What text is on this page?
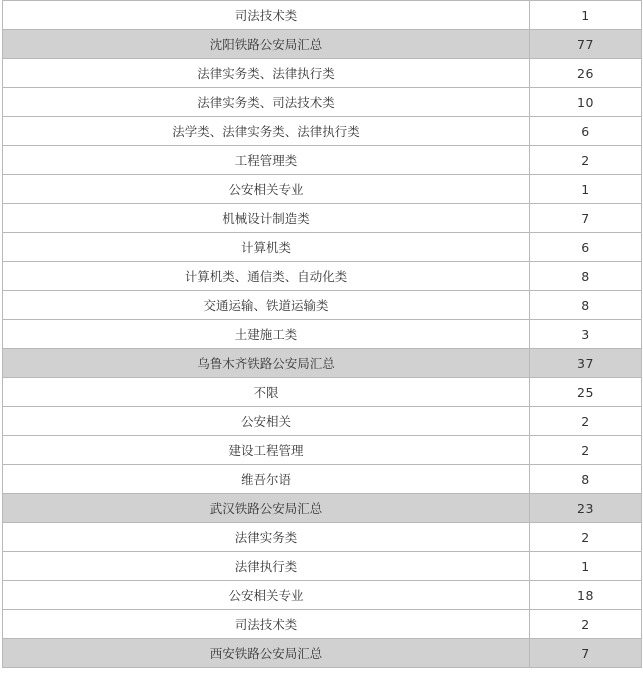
司法技术类	1
沈阳铁路公安局汇总	77
法律实务类、法律执行类	26
法律实务类、司法技术类	10
法学类、法律实务类、法律执行类	6
工程管理类	2
公安相关专业	1
机械设计制造类	7
计算机类	6
计算机类、通信类、自动化类	8
交通运输、铁道运输类	8
土建施工类	3
乌鲁木齐铁路公安局汇总	37
不限	25
公安相关	2
建设工程管理	2
维吾尔语	8
武汉铁路公安局汇总	23
法律实务类	2
法律执行类	1
公安相关专业	18
司法技术类	2
西安铁路公安局汇总	7
